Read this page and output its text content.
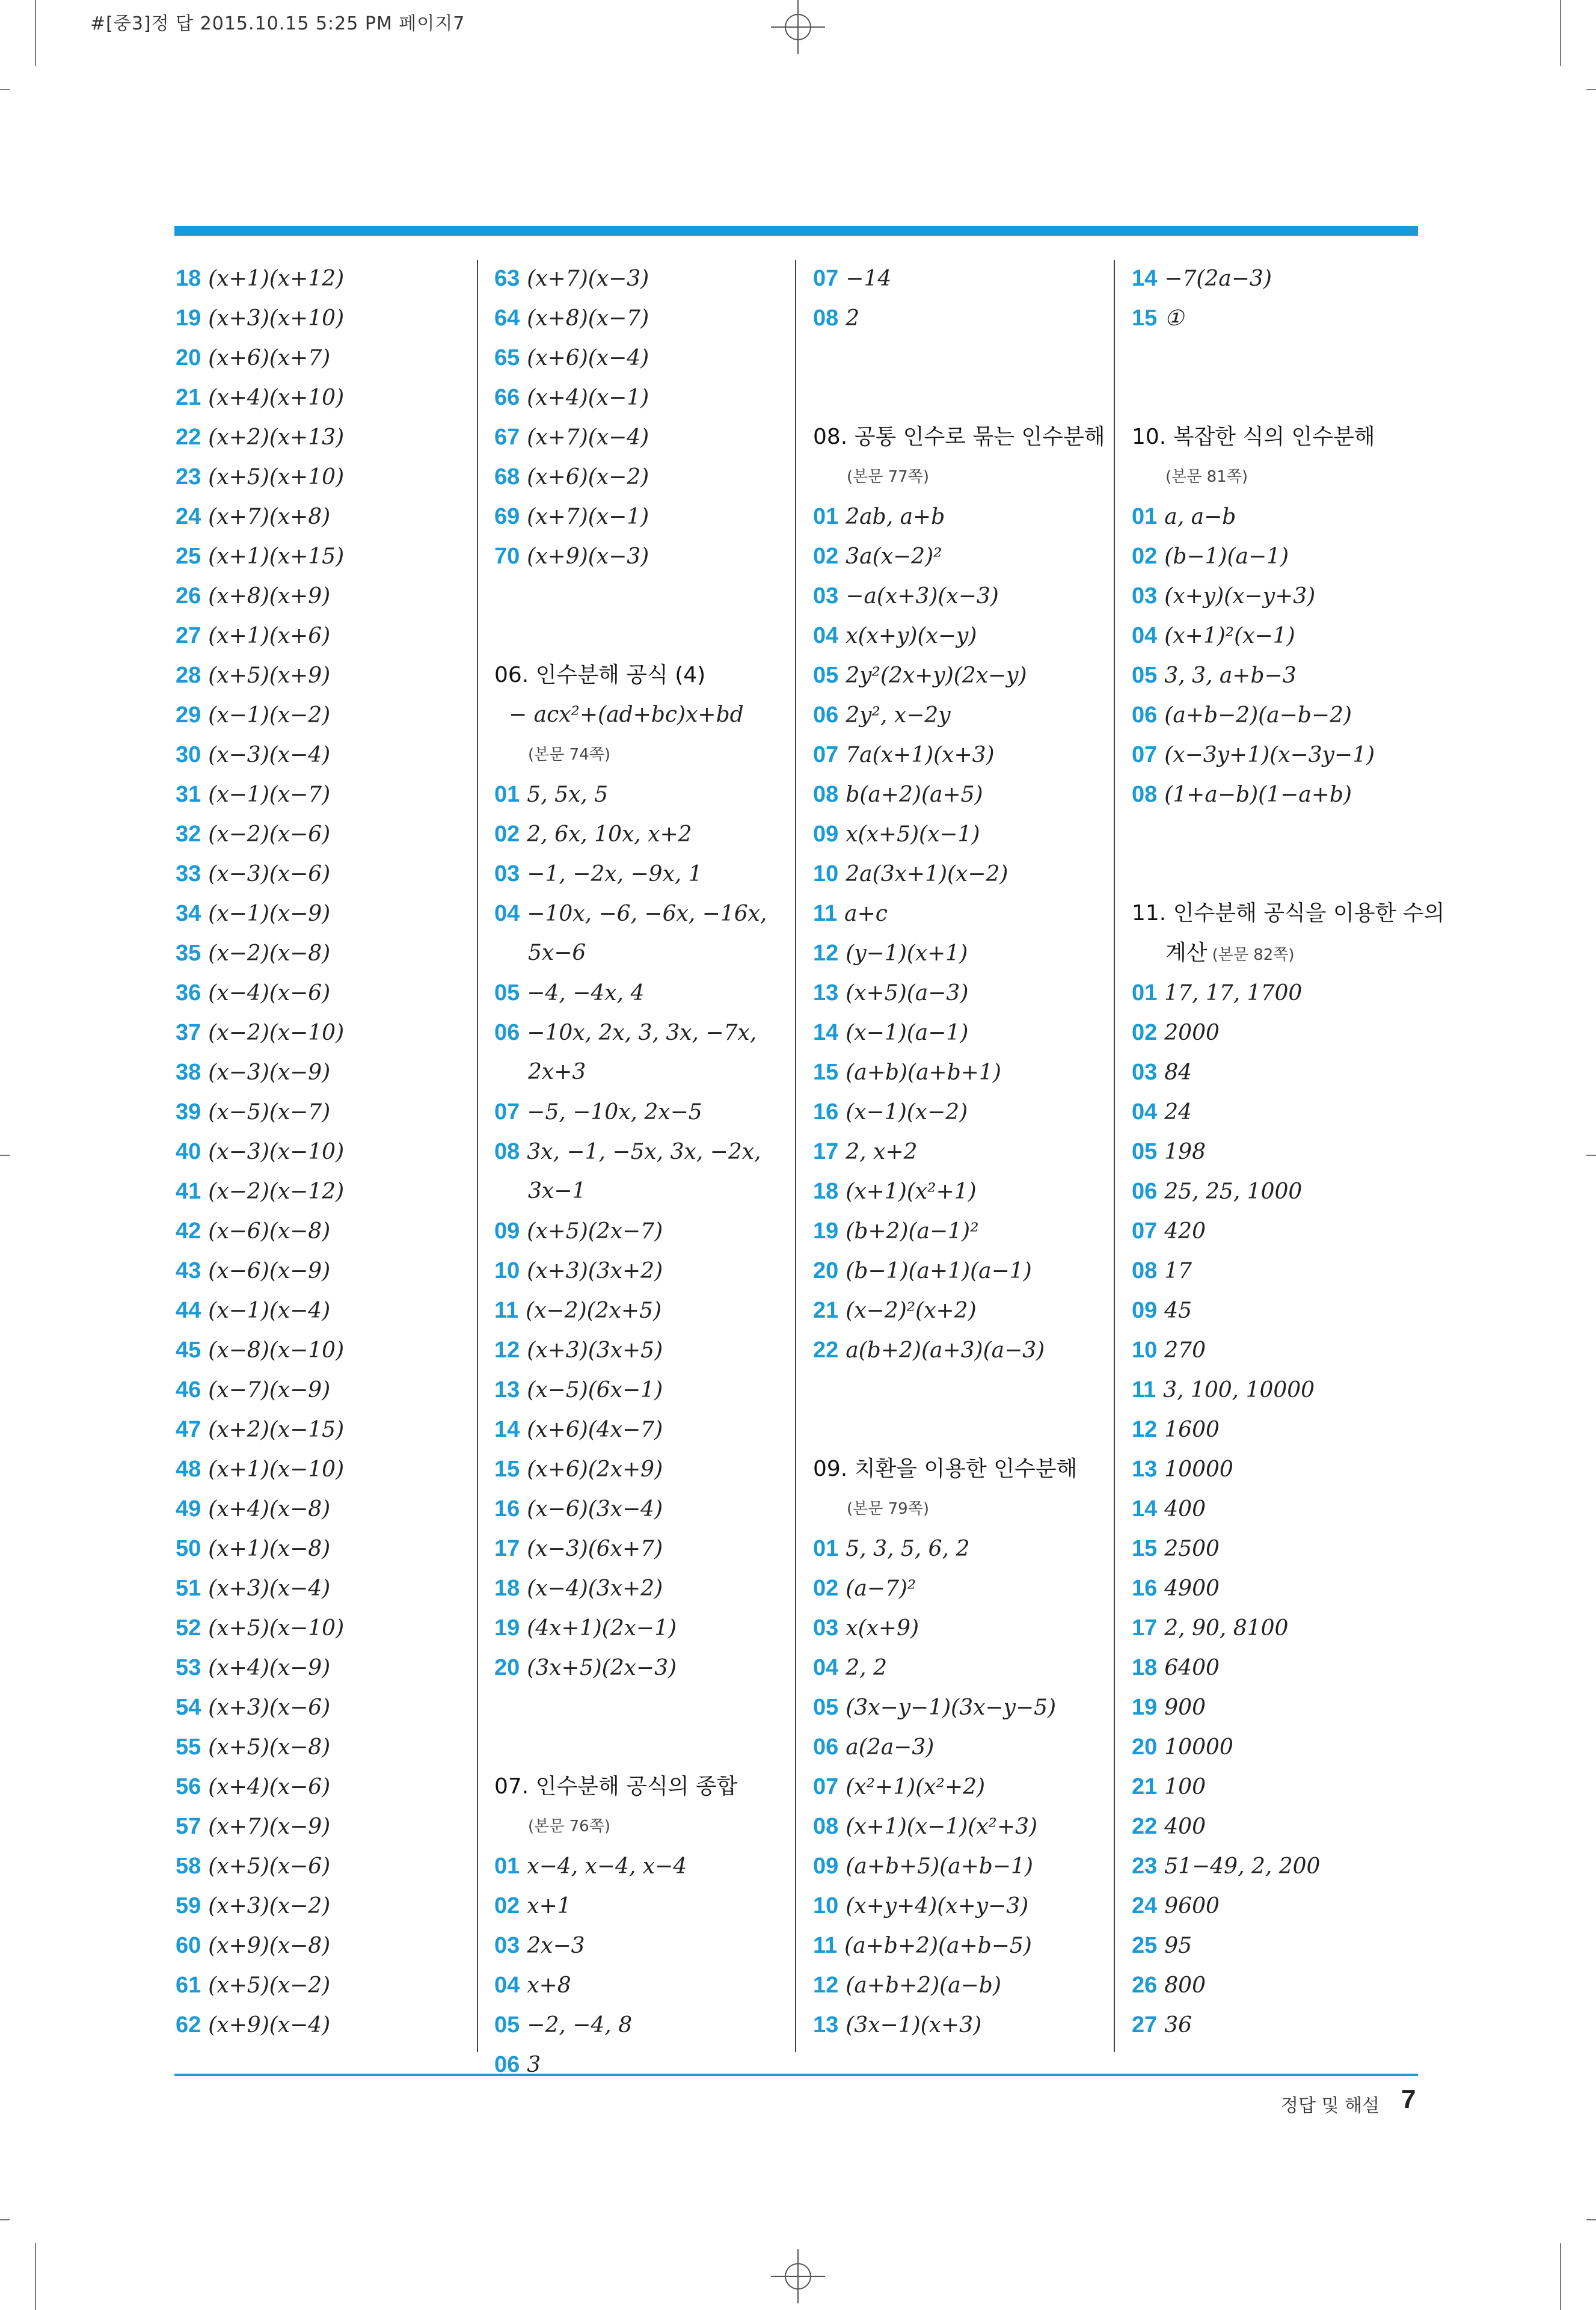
#[중3]정 답 2015.10.15 5:25 PM 페이지7
18 (x+1)(x+12)
19 (x+3)(x+10)
20 (x+6)(x+7)
21 (x+4)(x+10)
22 (x+2)(x+13)
23 (x+5)(x+10)
24 (x+7)(x+8)
25 (x+1)(x+15)
26 (x+8)(x+9)
27 (x+1)(x+6)
28 (x+5)(x+9)
29 (x−1)(x−2)
30 (x−3)(x−4)
31 (x−1)(x−7)
32 (x−2)(x−6)
33 (x−3)(x−6)
34 (x−1)(x−9)
35 (x−2)(x−8)
36 (x−4)(x−6)
37 (x−2)(x−10)
38 (x−3)(x−9)
39 (x−5)(x−7)
40 (x−3)(x−10)
41 (x−2)(x−12)
42 (x−6)(x−8)
43 (x−6)(x−9)
44 (x−1)(x−4)
45 (x−8)(x−10)
46 (x−7)(x−9)
47 (x+2)(x−15)
48 (x+1)(x−10)
49 (x+4)(x−8)
50 (x+1)(x−8)
51 (x+3)(x−4)
52 (x+5)(x−10)
53 (x+4)(x−9)
54 (x+3)(x−6)
55 (x+5)(x−8)
56 (x+4)(x−6)
57 (x+7)(x−9)
58 (x+5)(x−6)
59 (x+3)(x−2)
60 (x+9)(x−8)
61 (x+5)(x−2)
62 (x+9)(x−4)
63 (x+7)(x−3)
64 (x+8)(x−7)
65 (x+6)(x−4)
66 (x+4)(x−1)
67 (x+7)(x−4)
68 (x+6)(x−2)
69 (x+7)(x−1)
70 (x+9)(x−3)
06. 인수분해 공식 (4)
− acx²+(ad+bc)x+bd
(본문 74쪽)
01 5, 5x, 5
02 2, 6x, 10x, x+2
03 −1, −2x, −9x, 1
04 −10x, −6, −6x, −16x,
5x−6
05 −4, −4x, 4
06 −10x, 2x, 3, 3x, −7x,
2x+3
07 −5, −10x, 2x−5
08 3x, −1, −5x, 3x, −2x,
3x−1
09 (x+5)(2x−7)
10 (x+3)(3x+2)
11 (x−2)(2x+5)
12 (x+3)(3x+5)
13 (x−5)(6x−1)
14 (x+6)(4x−7)
15 (x+6)(2x+9)
16 (x−6)(3x−4)
17 (x−3)(6x+7)
18 (x−4)(3x+2)
19 (4x+1)(2x−1)
20 (3x+5)(2x−3)
07. 인수분해 공식의 종합
(본문 76쪽)
01 x−4, x−4, x−4
02 x+1
03 2x−3
04 x+8
05 −2, −4, 8
06 3
07 −14
08 2
08. 공통 인수로 묶는 인수분해
(본문 77쪽)
01 2ab, a+b
02 3a(x−2)²
03 −a(x+3)(x−3)
04 x(x+y)(x−y)
05 2y²(2x+y)(2x−y)
06 2y², x−2y
07 7a(x+1)(x+3)
08 b(a+2)(a+5)
09 x(x+5)(x−1)
10 2a(3x+1)(x−2)
11 a+c
12 (y−1)(x+1)
13 (x+5)(a−3)
14 (x−1)(a−1)
15 (a+b)(a+b+1)
16 (x−1)(x−2)
17 2, x+2
18 (x+1)(x²+1)
19 (b+2)(a−1)²
20 (b−1)(a+1)(a−1)
21 (x−2)²(x+2)
22 a(b+2)(a+3)(a−3)
09. 치환을 이용한 인수분해
(본문 79쪽)
01 5, 3, 5, 6, 2
02 (a−7)²
03 x(x+9)
04 2, 2
05 (3x−y−1)(3x−y−5)
06 a(2a−3)
07 (x²+1)(x²+2)
08 (x+1)(x−1)(x²+3)
09 (a+b+5)(a+b−1)
10 (x+y+4)(x+y−3)
11 (a+b+2)(a+b−5)
12 (a+b+2)(a−b)
13 (3x−1)(x+3)
14 −7(2a−3)
15 ①
10. 복잡한 식의 인수분해
(본문 81쪽)
01 a, a−b
02 (b−1)(a−1)
03 (x+y)(x−y+3)
04 (x+1)²(x−1)
05 3, 3, a+b−3
06 (a+b−2)(a−b−2)
07 (x−3y+1)(x−3y−1)
08 (1+a−b)(1−a+b)
11. 인수분해 공식을 이용한 수의
계산 (본문 82쪽)
01 17, 17, 1700
02 2000
03 84
04 24
05 198
06 25, 25, 1000
07 420
08 17
09 45
10 270
11 3, 100, 10000
12 1600
13 10000
14 400
15 2500
16 4900
17 2, 90, 8100
18 6400
19 900
20 10000
21 100
22 400
23 51−49, 2, 200
24 9600
25 95
26 800
27 36
정답 및 해설 7
